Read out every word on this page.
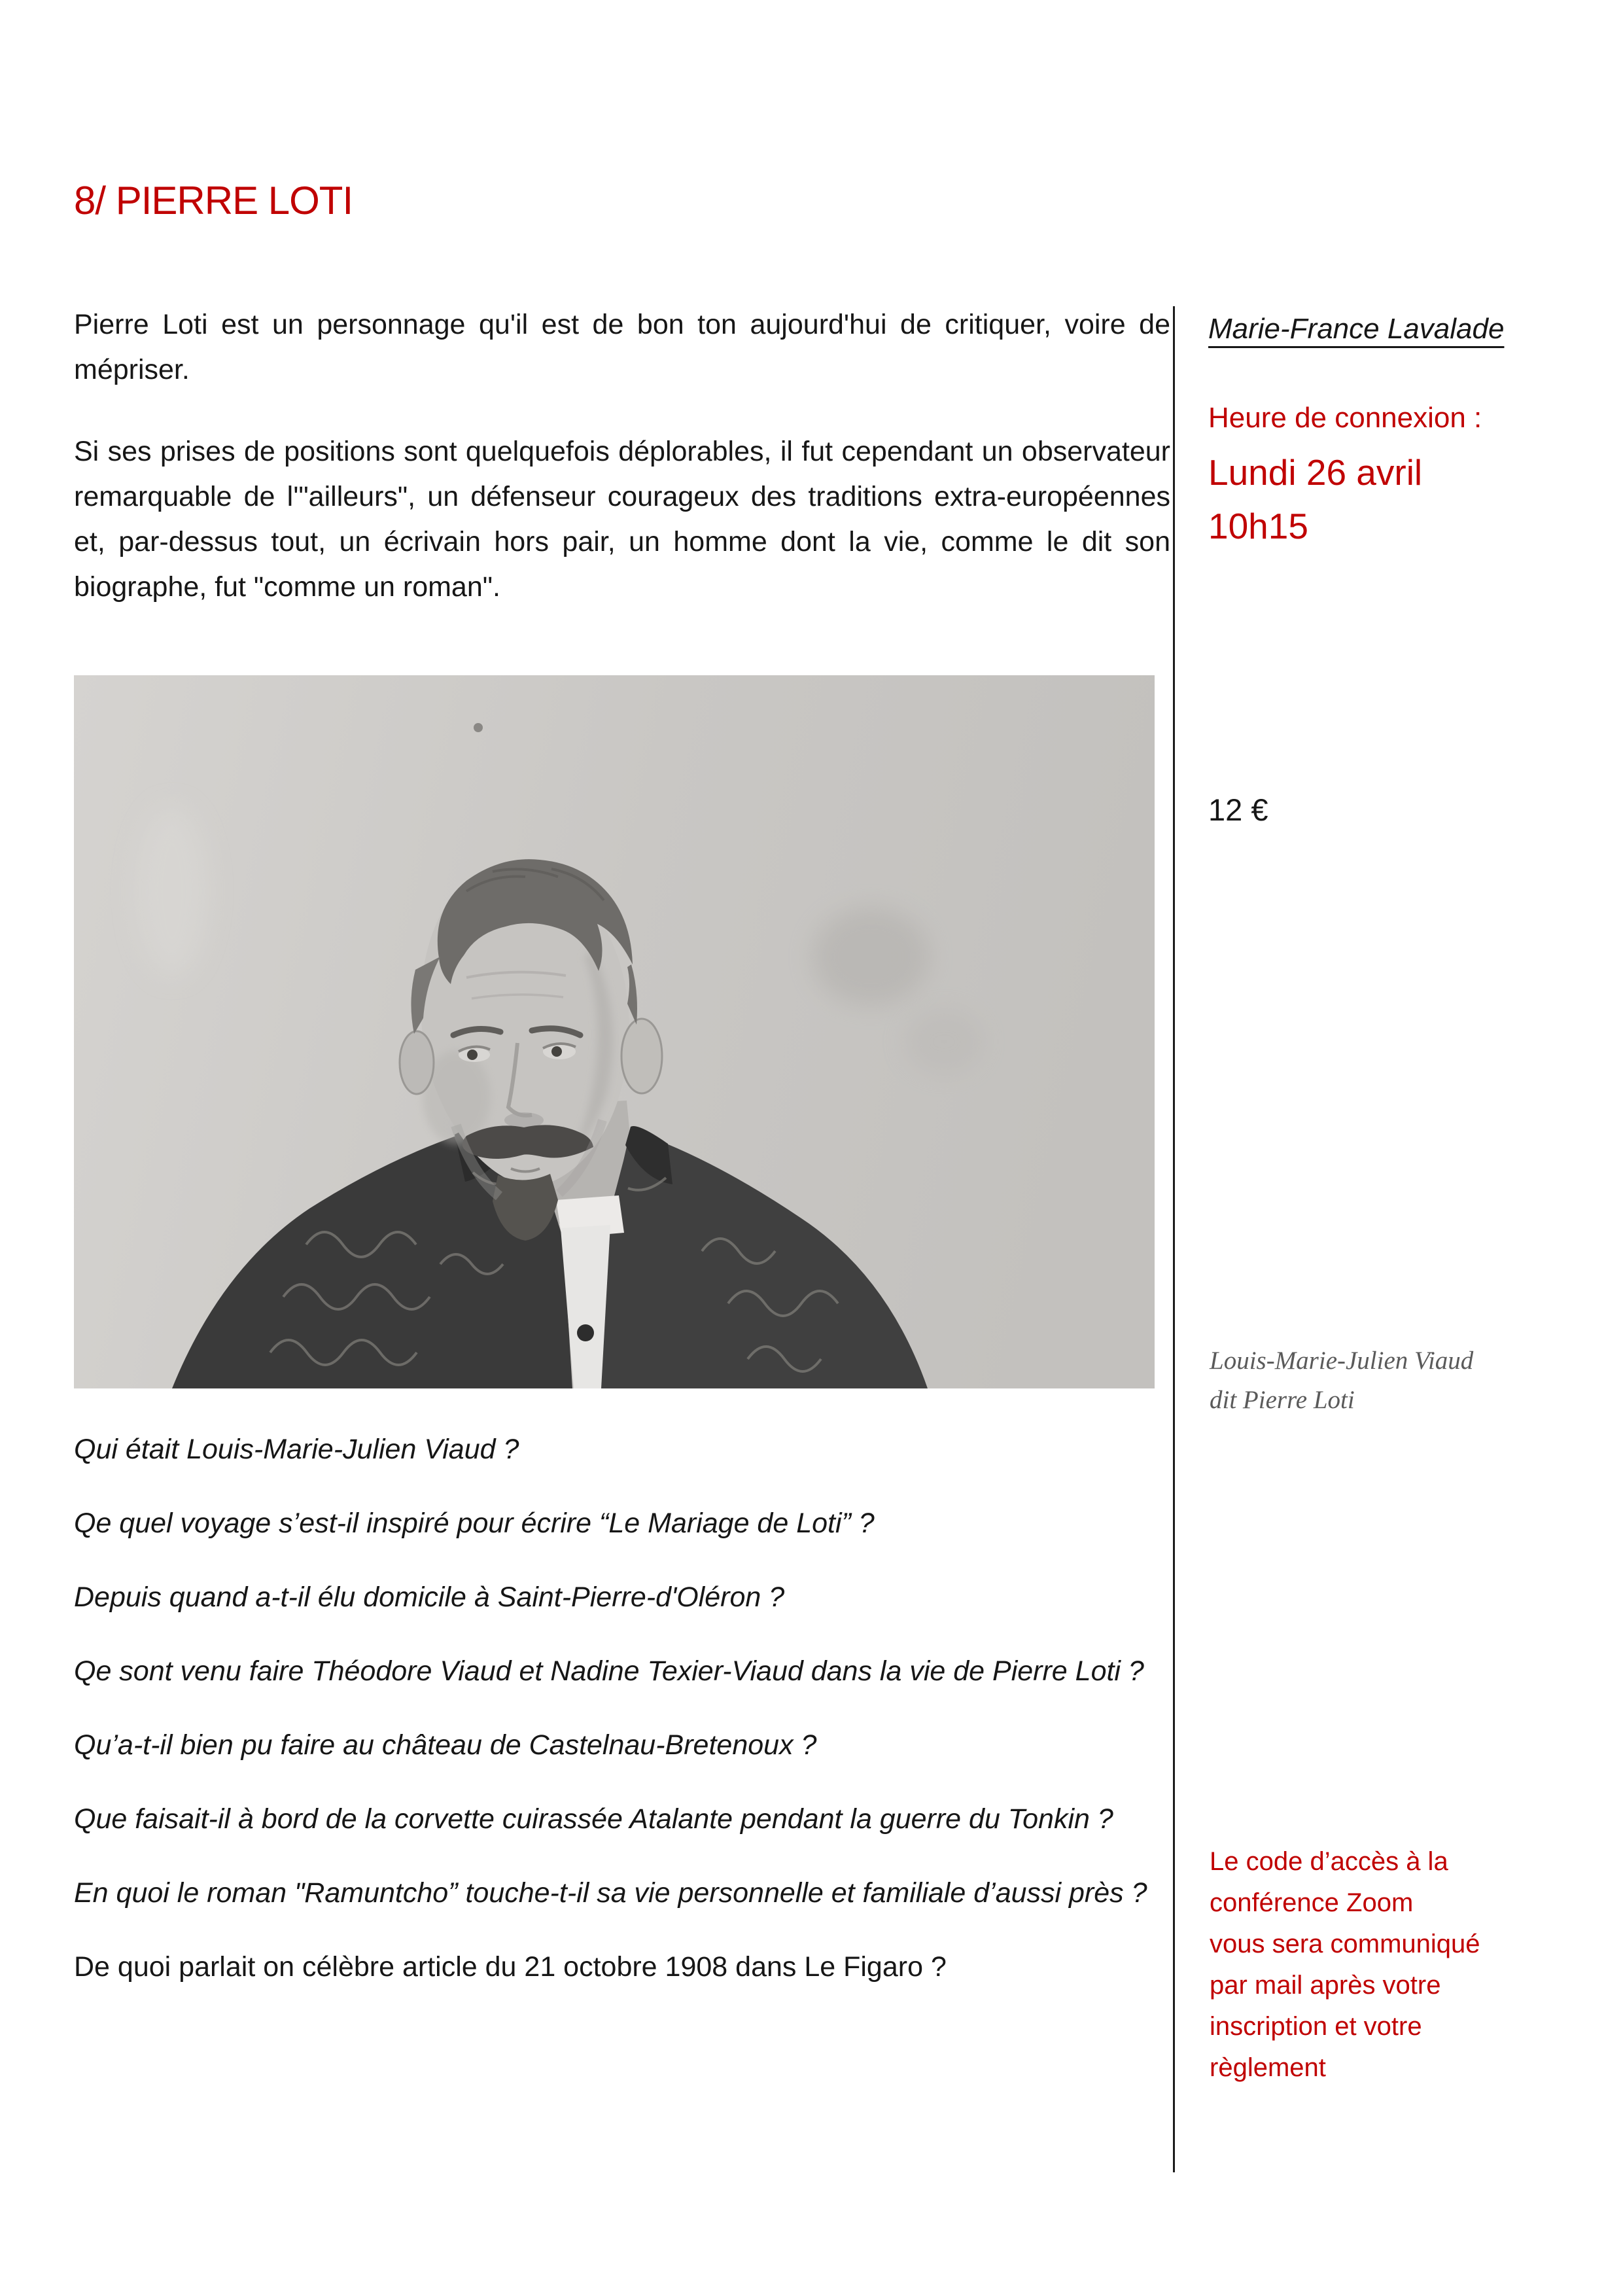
8/ PIERRE LOTI

Pierre Loti est un personnage qu'il est de bon ton aujourd'hui de critiquer, voire de mépriser.

Si ses prises de positions sont quelquefois déplorables, il fut cependant un observateur remarquable de l'"ailleurs", un défenseur courageux des traditions extra-européennes et, par-dessus tout, un écrivain hors pair, un homme dont la vie, comme le dit son biographe, fut "comme un roman".

Qui était Louis-Marie-Julien Viaud ?

Qe quel voyage s’est-il inspiré pour écrire “Le Mariage de Loti” ?

Depuis quand a-t-il élu domicile à Saint-Pierre-d'Oléron ?

Qe sont venu faire Théodore Viaud et Nadine Texier-Viaud dans la vie de Pierre Loti ?

Qu’a-t-il bien pu faire au château de Castelnau-Bretenoux ?

Que faisait-il à bord de la corvette cuirassée Atalante pendant la guerre du Tonkin ?

En quoi le roman "Ramuntcho” touche-t-il sa vie personnelle et familiale d’aussi près ?

De quoi parlait on célèbre article du 21 octobre 1908 dans Le Figaro ?

Marie-France Lavalade
Heure de connexion :
Lundi 26 avril
10h15
12 €
Louis-Marie-Julien Viaud
dit Pierre Loti
Le code d’accès à la
conférence Zoom
vous sera communiqué
par mail après votre
inscription et votre
règlement
